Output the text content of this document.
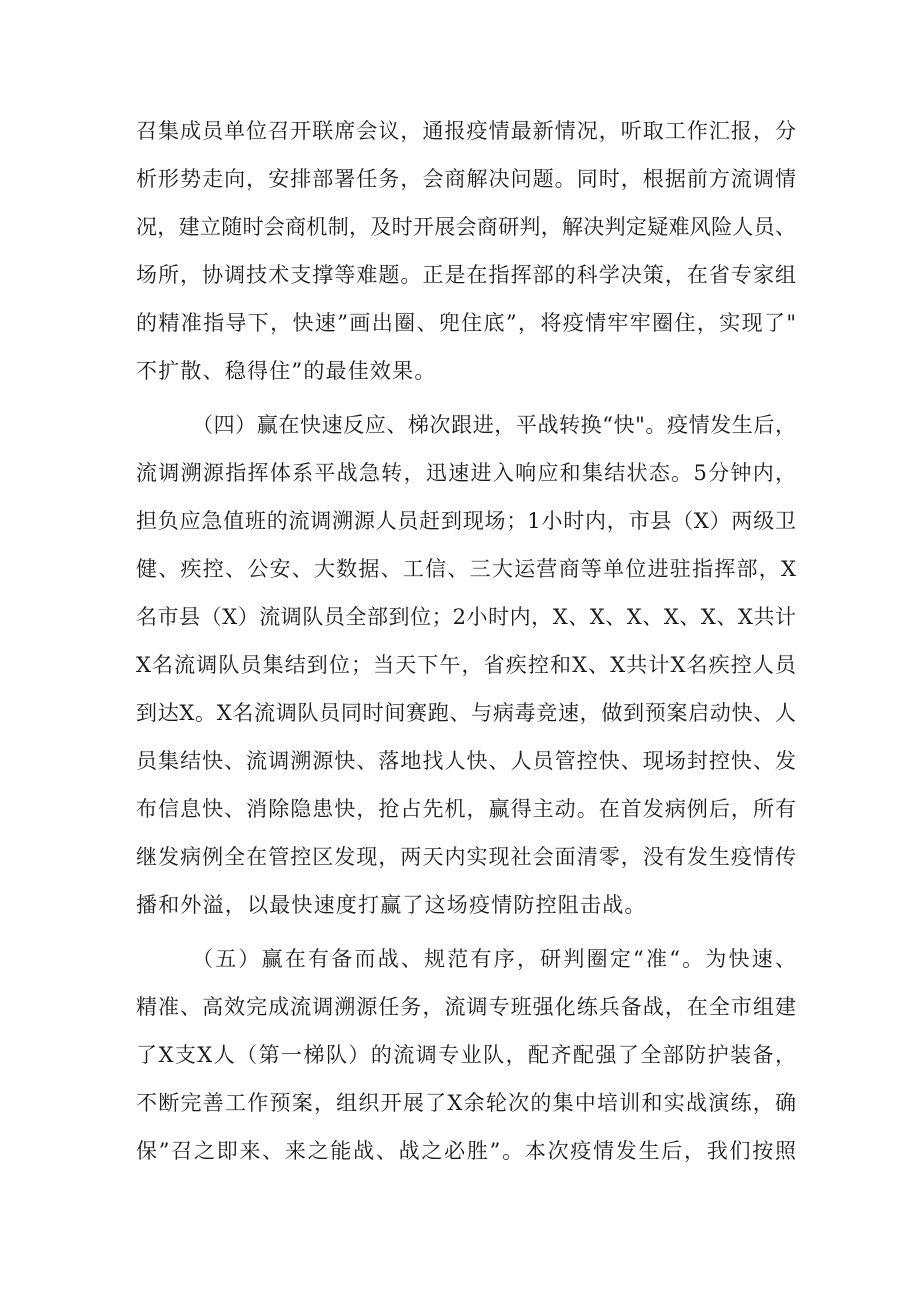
召集成员单位召开联席会议，通报疫情最新情况，听取工作汇报，分
析形势走向，安排部署任务，会商解决问题。同时，根据前方流调情
况，建立随时会商机制，及时开展会商研判，解决判定疑难风险人员、
场所，协调技术支撑等难题。正是在指挥部的科学决策，在省专家组
的精准指导下，快速”画出圈、兜住底”，将疫情牢牢圈住，实现了"
不扩散、稳得住”的最佳效果。
（四）赢在快速反应、梯次跟进，平战转换“快"。疫情发生后，
流调溯源指挥体系平战急转，迅速进入响应和集结状态。5分钟内，
担负应急值班的流调溯源人员赶到现场；1小时内，市县（X）两级卫
健、疾控、公安、大数据、工信、三大运营商等单位进驻指挥部，X
名市县（X）流调队员全部到位；2小时内，X、X、X、X、X、X共计
X名流调队员集结到位；当天下午，省疾控和X、X共计X名疾控人员
到达X。X名流调队员同时间赛跑、与病毒竞速，做到预案启动快、人
员集结快、流调溯源快、落地找人快、人员管控快、现场封控快、发
布信息快、消除隐患快，抢占先机，赢得主动。在首发病例后，所有
继发病例全在管控区发现，两天内实现社会面清零，没有发生疫情传
播和外溢，以最快速度打赢了这场疫情防控阻击战。
（五）赢在有备而战、规范有序，研判圈定“准“。为快速、
精准、高效完成流调溯源任务，流调专班强化练兵备战，在全市组建
了X支X人（第一梯队）的流调专业队，配齐配强了全部防护装备，
不断完善工作预案，组织开展了X余轮次的集中培训和实战演练，确
保”召之即来、来之能战、战之必胜”。本次疫情发生后，我们按照
